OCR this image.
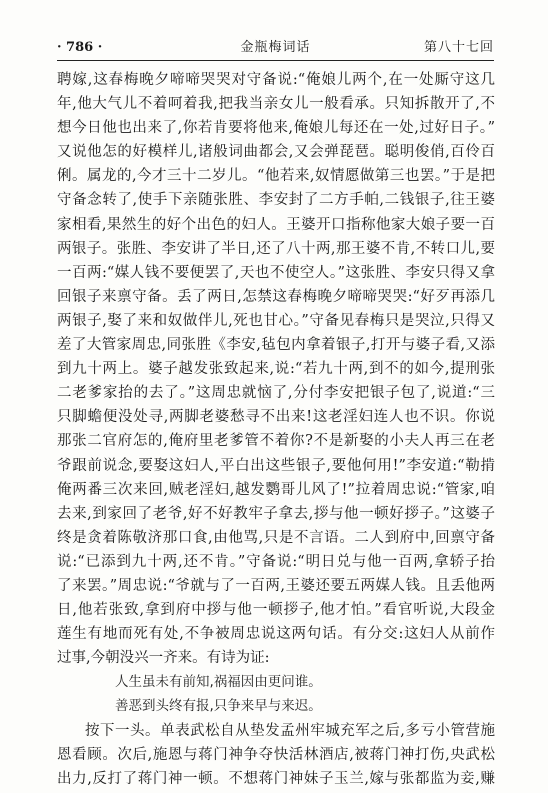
· 786 ·	金瓶梅词话	第八十七回
聘嫁,这春梅晚夕啼啼哭哭对守备说:“俺娘儿两个,在一处厮守这几
年,他大气儿不着呵着我,把我当亲女儿一般看承。只知拆散开了,不
想今日他也出来了,你若肯要将他来,俺娘儿每还在一处,过好日子。”
又说他怎的好模样儿,诸般词曲都会,又会弹琵琶。聪明俊俏,百伶百
俐。属龙的,今才三十二岁儿。“他若来,奴情愿做第三也罢。”于是把
守备念转了,使手下亲随张胜、李安封了二方手帕,二钱银子,往王婆
家相看,果然生的好个出色的妇人。王婆开口指称他家大娘子要一百
两银子。张胜、李安讲了半日,还了八十两,那王婆不肯,不转口儿,要
一百两:“媒人钱不要便罢了,天也不使空人。”这张胜、李安只得又拿
回银子来禀守备。丢了两日,怎禁这春梅晚夕啼啼哭哭:“好歹再添几
两银子,娶了来和奴做伴儿,死也甘心。”守备见春梅只是哭泣,只得又
差了大管家周忠,同张胜《李安,毡包内拿着银子,打开与婆子看,又添
到九十两上。婆子越发张致起来,说:“若九十两,到不的如今,提刑张
二老爹家抬的去了。”这周忠就恼了,分付李安把银子包了,说道:“三
只脚蟾便没处寻,两脚老婆愁寻不出来!这老淫妇连人也不识。你说
那张二官府怎的,俺府里老爹管不着你?不是新娶的小夫人再三在老
爷跟前说念,要娶这妇人,平白出这些银子,要他何用!”李安道:“勒掯
俺两番三次来回,贼老淫妇,越发鹦哥儿风了!”拉着周忠说:“管家,咱
去来,到家回了老爷,好不好教牢子拿去,拶与他一顿好拶子。”这婆子
终是贪着陈敬济那口食,由他骂,只是不言语。二人到府中,回禀守备
说:“已添到九十两,还不肯。”守备说:“明日兑与他一百两,拿轿子抬
了来罢。”周忠说:“爷就与了一百两,王婆还要五两媒人钱。且丢他两
日,他若张致,拿到府中拶与他一顿拶子,他才怕。”看官听说,大段金
莲生有地而死有处,不争被周忠说这两句话。有分交:这妇人从前作
过事,今朝没兴一齐来。有诗为证:
人生虽未有前知,祸福因由更问谁。
善恶到头终有报,只争来早与来迟。
按下一头。单表武松自从垫发孟州牢城充军之后,多亏小管营施
恩看顾。次后,施恩与蒋门神争夺快活林酒店,被蒋门神打伤,央武松
出力,反打了蒋门神一顿。不想蒋门神妹子玉兰,嫁与张都监为妾,赚
